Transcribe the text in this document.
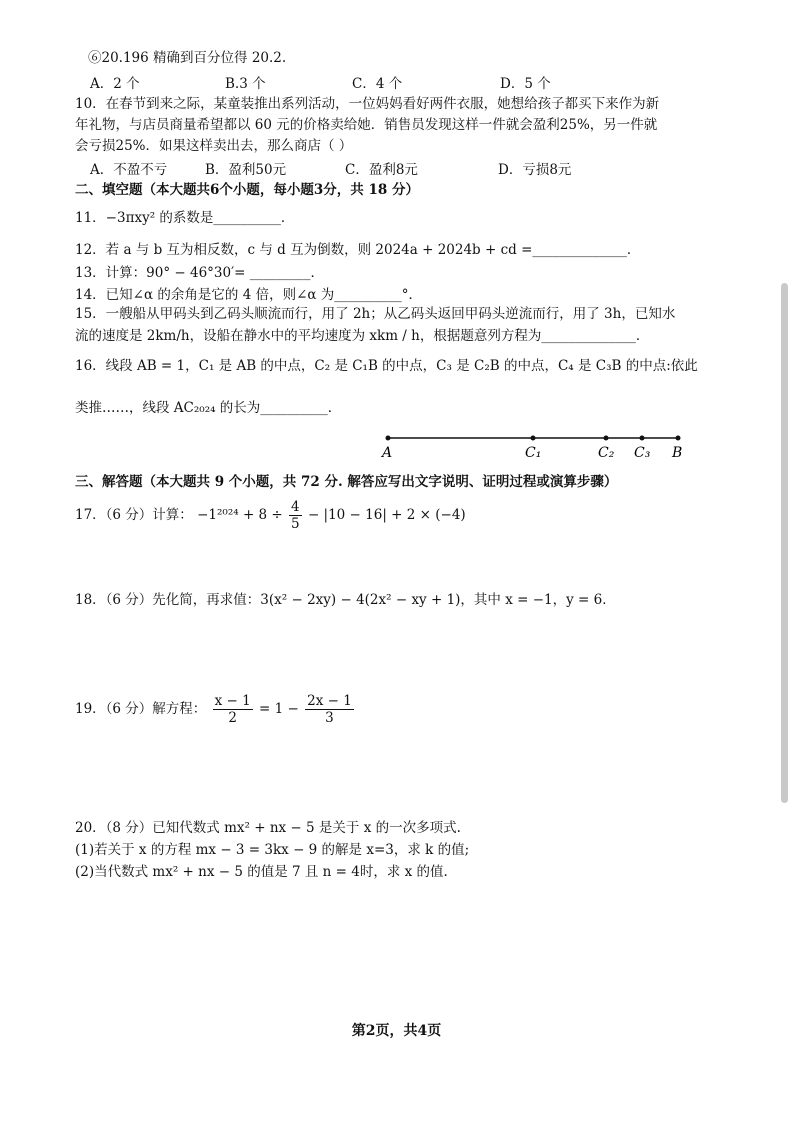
⑥20.196 精确到百分位得 20.2.
A．2 个	B.3 个	C．4 个	D．5 个
10．在春节到来之际，某童装推出系列活动，一位妈妈看好两件衣服，她想给孩子都买下来作为新
年礼物，与店员商量希望都以 60 元的价格卖给她．销售员发现这样一件就会盈利25%，另一件就
会亏损25%．如果这样卖出去，那么商店（ ）
A．不盈不亏	B．盈利50元	C．盈利8元	D．亏损8元
二、填空题（本大题共6个小题，每小题3分，共 18 分）
11．−3πxy² 的系数是__________．
12．若 a 与 b 互为相反数，c 与 d 互为倒数，则 2024a + 2024b + cd =______________．
13．计算：90° − 46°30′= _________．
14．已知∠α 的余角是它的 4 倍，则∠α 为__________°．
15．一艘船从甲码头到乙码头顺流而行，用了 2h；从乙码头返回甲码头逆流而行，用了 3h，已知水
流的速度是 2km/h，设船在静水中的平均速度为 xkm / h，根据题意列方程为______________．
16．线段 AB = 1，C₁ 是 AB 的中点，C₂ 是 C₁B 的中点，C₃ 是 C₂B 的中点，C₄ 是 C₃B 的中点:依此
类推……，线段 AC₂₀₂₄ 的长为__________．
A	C₁	C₂ C₃ B
三、解答题（本大题共 9 个小题，共 72 分. 解答应写出文字说明、证明过程或演算步骤）
17．（6 分）计算： $-1^{2024} + 8 \div \frac{4}{5} - |10 - 16| + 2 \times (-4)$
18．（6 分）先化简，再求值：3(x² − 2xy) − 4(2x² − xy + 1)，其中 x = −1，y = 6．
19．（6 分）解方程： $\frac{x - 1}{2} = 1 - \frac{2x - 1}{3}$
20．（8 分）已知代数式 mx² + nx − 5 是关于 x 的一次多项式.
(1)若关于 x 的方程 mx − 3 = 3kx − 9 的解是 x=3，求 k 的值;
(2)当代数式 mx² + nx − 5 的值是 7 且 n = 4时，求 x 的值.
第2页，共4页
